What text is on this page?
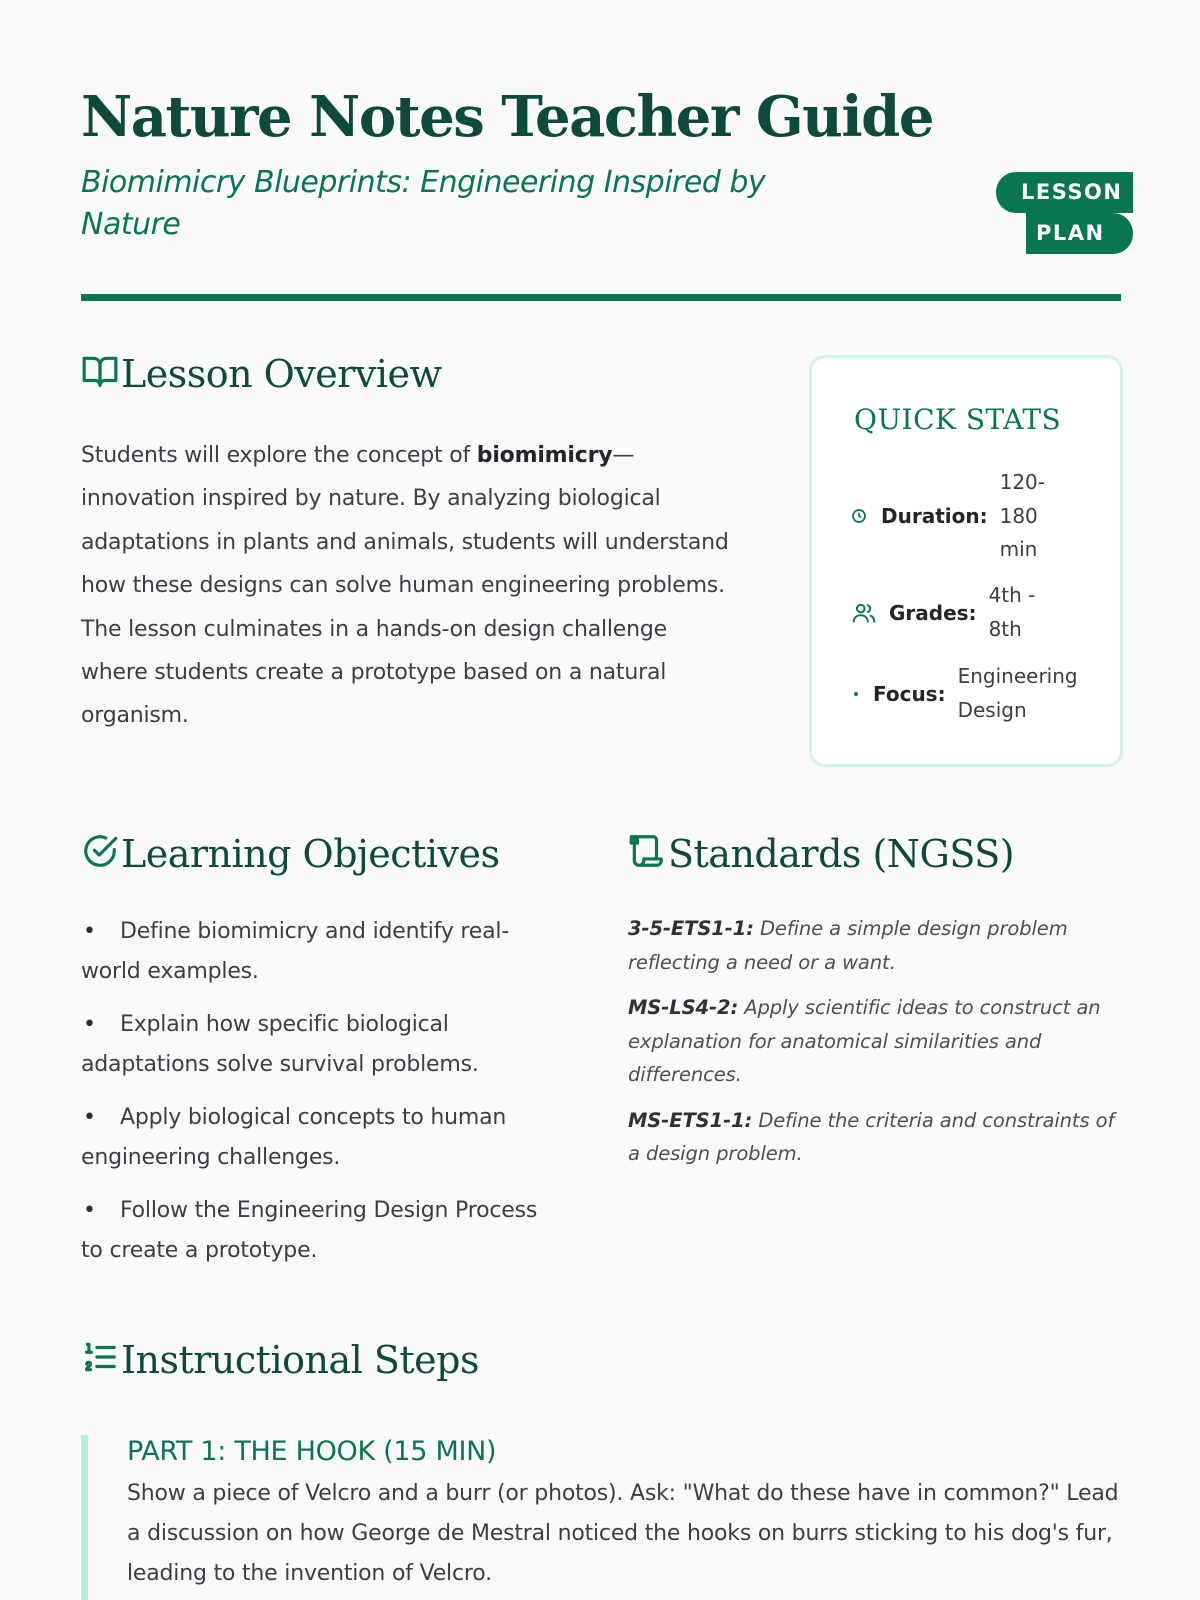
Nature Notes Teacher Guide
Biomimicry Blueprints: Engineering Inspired by Nature
LESSON
PLAN
Lesson Overview

Students will explore the concept of biomimicry—innovation inspired by nature. By analyzing biological adaptations in plants and animals, students will understand how these designs can solve human engineering problems. The lesson culminates in a hands-on design challenge where students create a prototype based on a natural organism.

QUICK STATS
Duration:
120-180 min
Grades:
4th - 8th
Focus:
Engineering Design
Learning Objectives
• Define biomimicry and identify real-world examples.
• Explain how specific biological adaptations solve survival problems.
• Apply biological concepts to human engineering challenges.
• Follow the Engineering Design Process to create a prototype.
Standards (NGSS)

3-5-ETS1-1: Define a simple design problem reflecting a need or a want.

MS-LS4-2: Apply scientific ideas to construct an explanation for anatomical similarities and differences.

MS-ETS1-1: Define the criteria and constraints of a design problem.

Instructional Steps
PART 1: THE HOOK (15 MIN)
Show a piece of Velcro and a burr (or photos). Ask: "What do these have in common?" Lead a discussion on how George de Mestral noticed the hooks on burrs sticking to his dog's fur, leading to the invention of Velcro.
